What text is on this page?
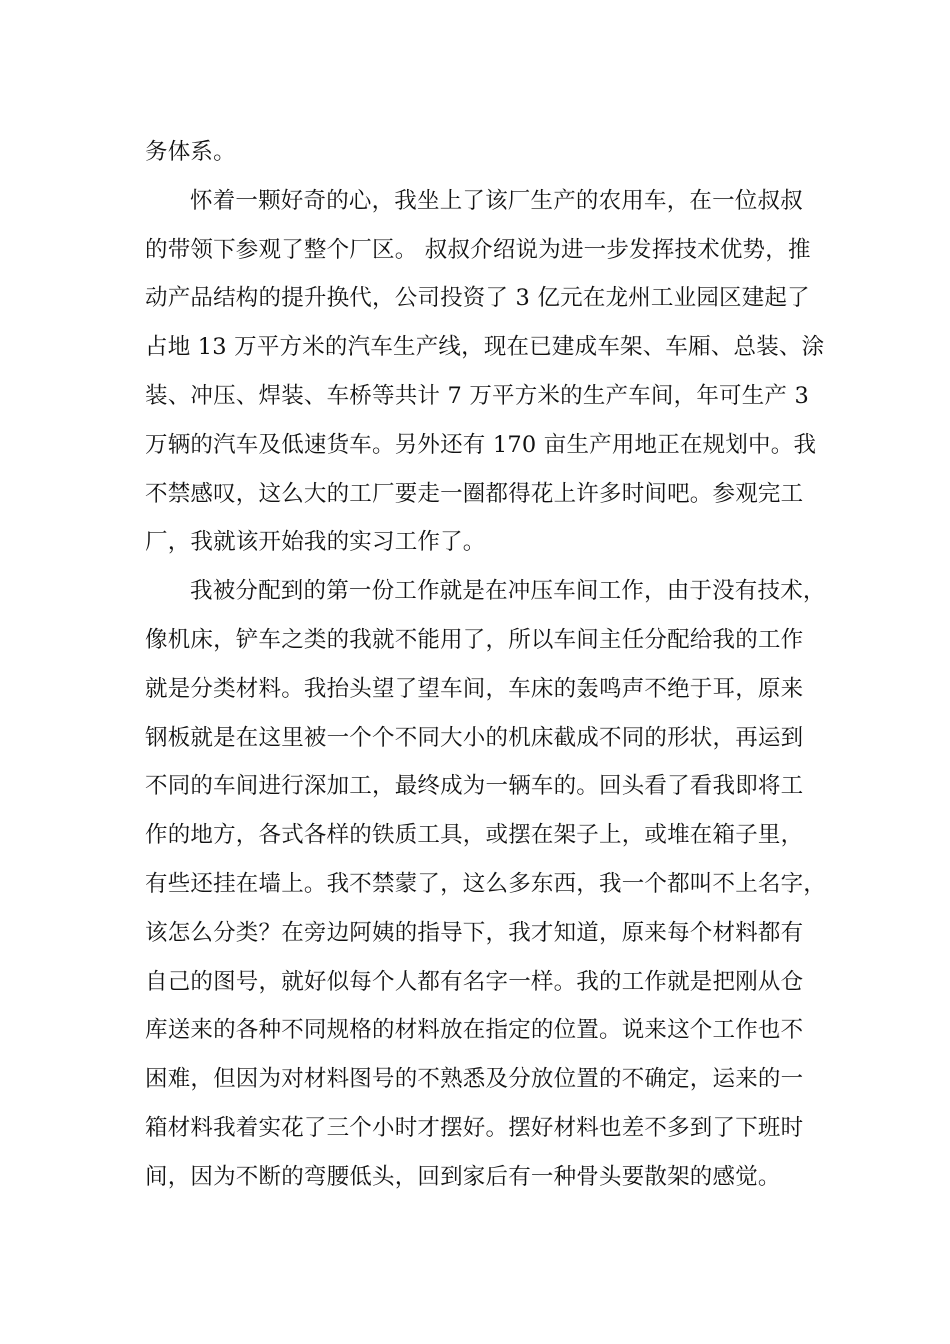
务体系。
怀着一颗好奇的心，我坐上了该厂生产的农用车，在一位叔叔
的带领下参观了整个厂区。 叔叔介绍说为进一步发挥技术优势，推
动产品结构的提升换代，公司投资了 3 亿元在龙州工业园区建起了
占地 13 万平方米的汽车生产线，现在已建成车架、车厢、总装、涂
装、冲压、焊装、车桥等共计 7 万平方米的生产车间，年可生产 3
万辆的汽车及低速货车。另外还有 170 亩生产用地正在规划中。我
不禁感叹，这么大的工厂要走一圈都得花上许多时间吧。参观完工
厂，我就该开始我的实习工作了。
我被分配到的第一份工作就是在冲压车间工作，由于没有技术，
像机床，铲车之类的我就不能用了，所以车间主任分配给我的工作
就是分类材料。我抬头望了望车间，车床的轰鸣声不绝于耳，原来
钢板就是在这里被一个个不同大小的机床截成不同的形状，再运到
不同的车间进行深加工，最终成为一辆车的。回头看了看我即将工
作的地方，各式各样的铁质工具，或摆在架子上，或堆在箱子里，
有些还挂在墙上。我不禁蒙了，这么多东西，我一个都叫不上名字，
该怎么分类？在旁边阿姨的指导下，我才知道，原来每个材料都有
自己的图号，就好似每个人都有名字一样。我的工作就是把刚从仓
库送来的各种不同规格的材料放在指定的位置。说来这个工作也不
困难，但因为对材料图号的不熟悉及分放位置的不确定，运来的一
箱材料我着实花了三个小时才摆好。摆好材料也差不多到了下班时
间，因为不断的弯腰低头，回到家后有一种骨头要散架的感觉。
